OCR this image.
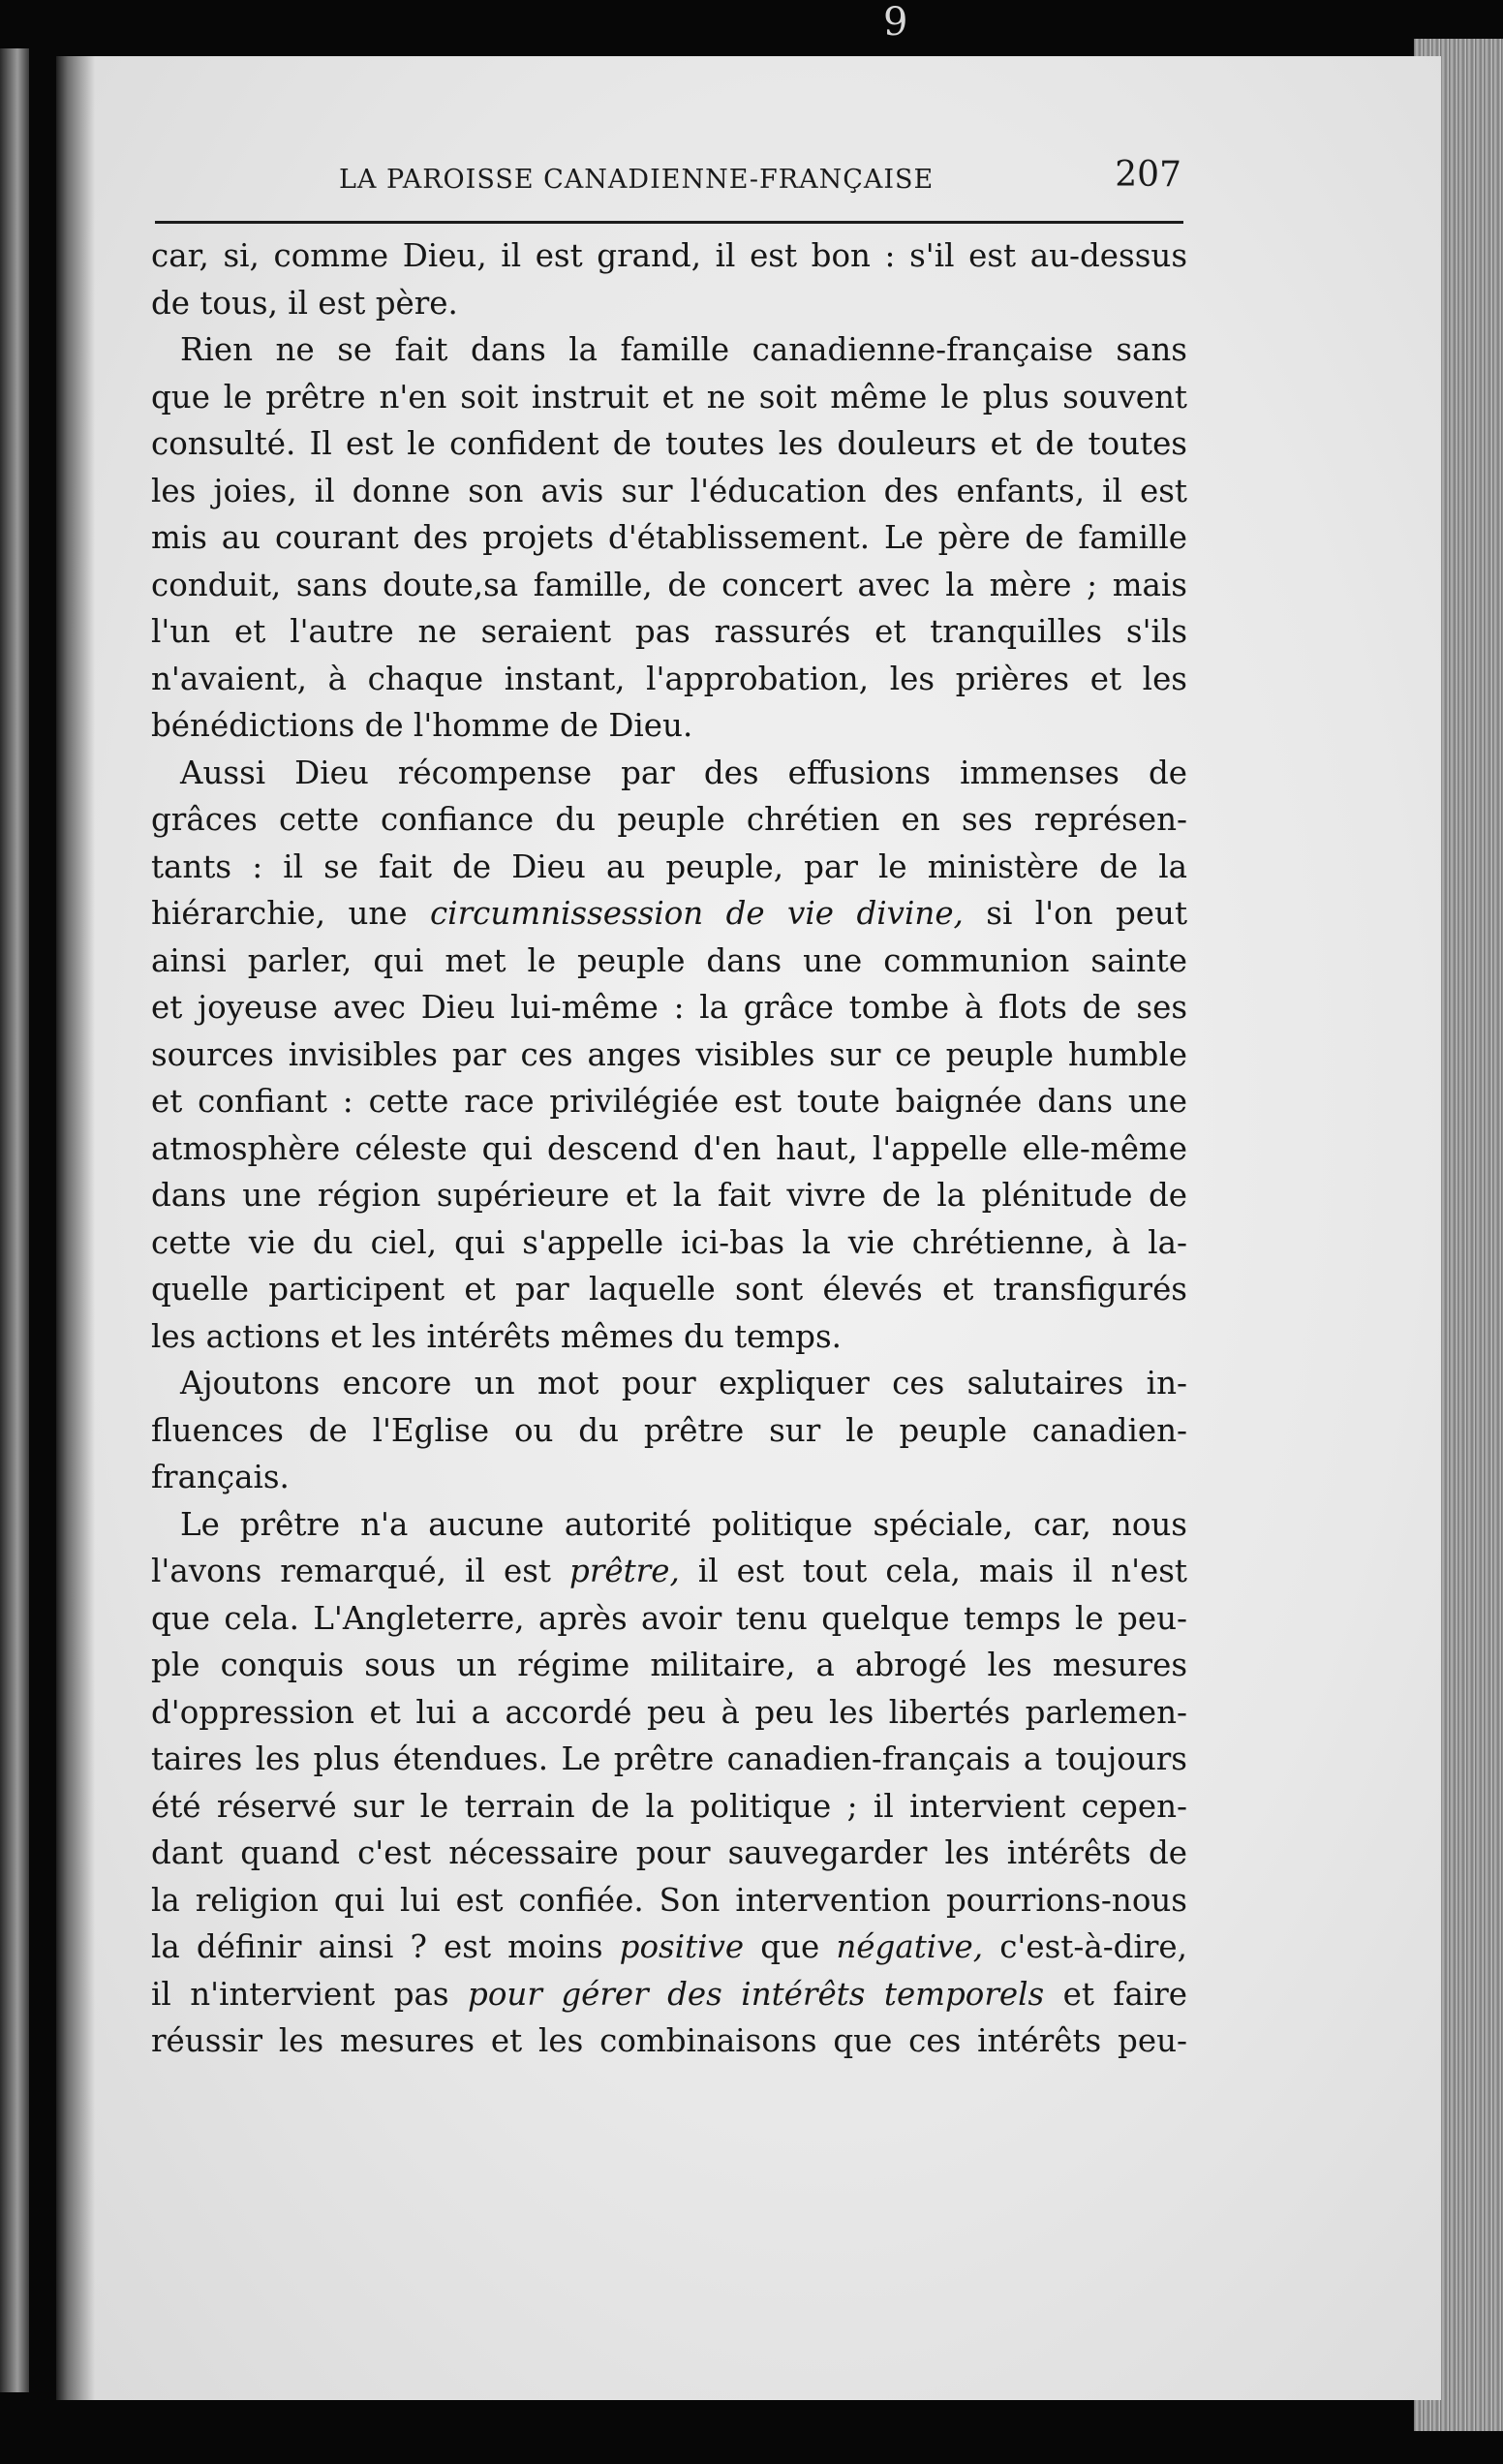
9
LA PAROISSE CANADIENNE-FRANÇAISE	207
car, si, comme Dieu, il est grand, il est bon : s'il est au-dessus
de tous, il est père.
Rien ne se fait dans la famille canadienne-française sans
que le prêtre n'en soit instruit et ne soit même le plus souvent
consulté. Il est le confident de toutes les douleurs et de toutes
les joies, il donne son avis sur l'éducation des enfants, il est
mis au courant des projets d'établissement. Le père de famille
conduit, sans doute,sa famille, de concert avec la mère ; mais
l'un et l'autre ne seraient pas rassurés et tranquilles s'ils
n'avaient, à chaque instant, l'approbation, les prières et les
bénédictions de l'homme de Dieu.
Aussi Dieu récompense par des effusions immenses de
grâces cette confiance du peuple chrétien en ses représen-
tants : il se fait de Dieu au peuple, par le ministère de la
hiérarchie, une circumnissession de vie divine, si l'on peut
ainsi parler, qui met le peuple dans une communion sainte
et joyeuse avec Dieu lui-même : la grâce tombe à flots de ses
sources invisibles par ces anges visibles sur ce peuple humble
et confiant : cette race privilégiée est toute baignée dans une
atmosphère céleste qui descend d'en haut, l'appelle elle-même
dans une région supérieure et la fait vivre de la plénitude de
cette vie du ciel, qui s'appelle ici-bas la vie chrétienne, à la-
quelle participent et par laquelle sont élevés et transfigurés
les actions et les intérêts mêmes du temps.
Ajoutons encore un mot pour expliquer ces salutaires in-
fluences de l'Eglise ou du prêtre sur le peuple canadien-
français.
Le prêtre n'a aucune autorité politique spéciale, car, nous
l'avons remarqué, il est prêtre, il est tout cela, mais il n'est
que cela. L'Angleterre, après avoir tenu quelque temps le peu-
ple conquis sous un régime militaire, a abrogé les mesures
d'oppression et lui a accordé peu à peu les libertés parlemen-
taires les plus étendues. Le prêtre canadien-français a toujours
été réservé sur le terrain de la politique ; il intervient cepen-
dant quand c'est nécessaire pour sauvegarder les intérêts de
la religion qui lui est confiée. Son intervention pourrions-nous
la définir ainsi ? est moins positive que négative, c'est-à-dire,
il n'intervient pas pour gérer des intérêts temporels et faire
réussir les mesures et les combinaisons que ces intérêts peu-
